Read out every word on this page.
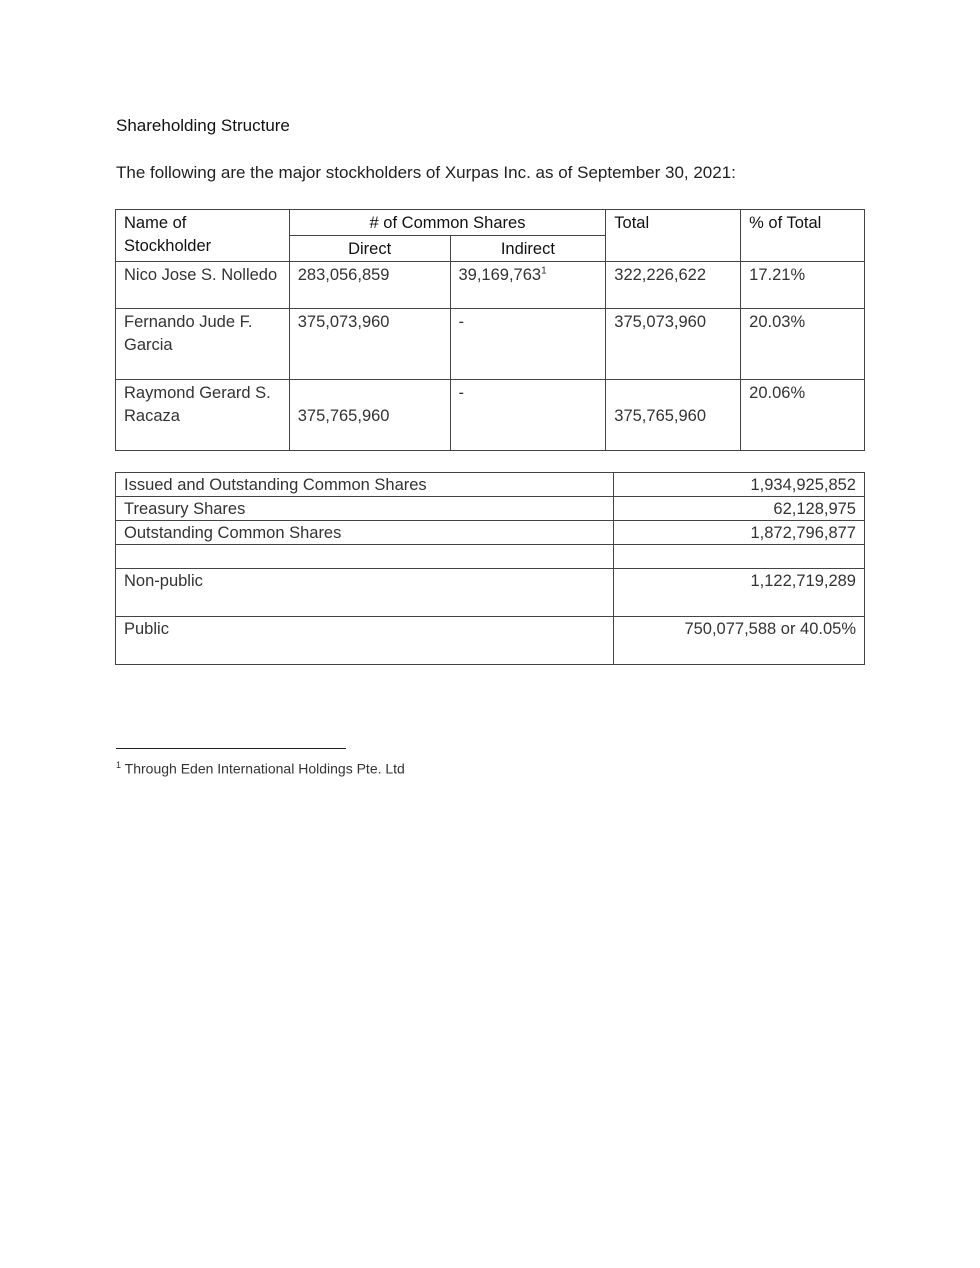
Shareholding Structure
The following are the major stockholders of Xurpas Inc. as of September 30, 2021:
Name of
Stockholder	# of Common Shares		Total	% of Total
	Direct	Indirect		
Nico Jose S. Nolledo	283,056,859	39,169,763$^1$	322,226,622	17.21%

Fernando Jude F.
Garcia	375,073,960	-	375,073,960	20.03%

Raymond Gerard S.
Racaza	375,765,960	-	375,765,960	20.06%
Issued and Outstanding Common Shares	1,934,925,852
Treasury Shares	62,128,975
Outstanding Common Shares	1,872,796,877

Non-public	1,122,719,289
Public	750,077,588 or 40.05%
$^1$ Through Eden International Holdings Pte. Ltd
